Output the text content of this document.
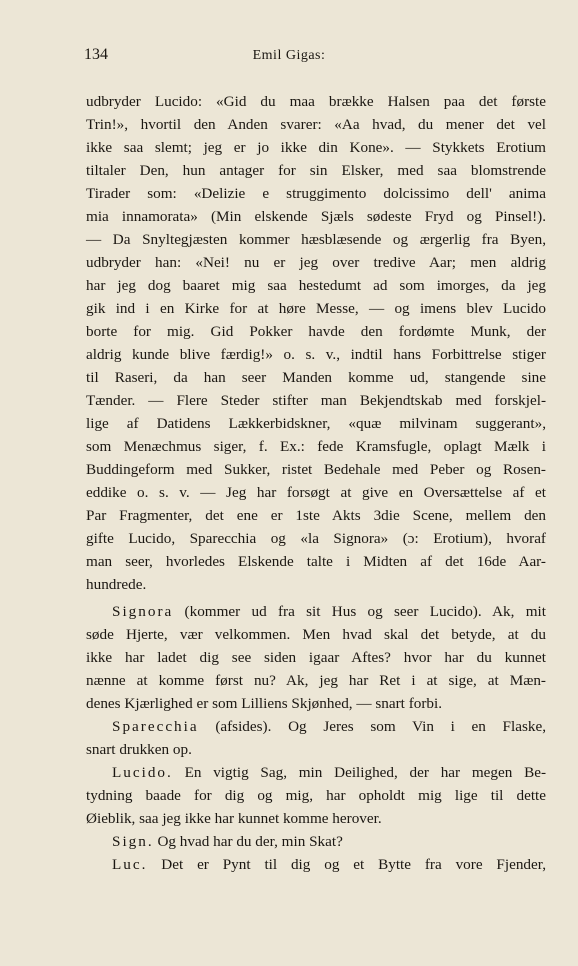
134	Emil Gigas:
udbryder Lucido: «Gid du maa brække Halsen paa det første
Trin!», hvortil den Anden svarer: «Aa hvad, du mener det vel
ikke saa slemt; jeg er jo ikke din Kone». — Stykkets Erotium
tiltaler Den, hun antager for sin Elsker, med saa blomstrende
Tirader som: «Delizie e struggimento dolcissimo dell' anima
mia innamorata» (Min elskende Sjæls sødeste Fryd og Pinsel!).
— Da Snyltegjæsten kommer hæsblæsende og ærgerlig fra Byen,
udbryder han: «Nei! nu er jeg over tredive Aar; men aldrig
har jeg dog baaret mig saa hestedumt ad som imorges, da jeg
gik ind i en Kirke for at høre Messe, — og imens blev Lucido
borte for mig. Gid Pokker havde den fordømte Munk, der
aldrig kunde blive færdig!» o. s. v., indtil hans Forbittrelse stiger
til Raseri, da han seer Manden komme ud, stangende sine
Tænder. — Flere Steder stifter man Bekjendtskab med forskjel-
lige af Datidens Lækkerbidskner, «quæ milvinam suggerant»,
som Menæchmus siger, f. Ex.: fede Kramsfugle, oplagt Mælk i
Buddingeform med Sukker, ristet Bedehale med Peber og Rosen-
eddike o. s. v. — Jeg har forsøgt at give en Oversættelse af et
Par Fragmenter, det ene er 1ste Akts 3die Scene, mellem den
gifte Lucido, Sparecchia og «la Signora» (ɔ: Erotium), hvoraf
man seer, hvorledes Elskende talte i Midten af det 16de Aar-
hundrede.
Signora (kommer ud fra sit Hus og seer Lucido). Ak, mit
søde Hjerte, vær velkommen. Men hvad skal det betyde, at du
ikke har ladet dig see siden igaar Aftes? hvor har du kunnet
nænne at komme først nu? Ak, jeg har Ret i at sige, at Mæn-
denes Kjærlighed er som Lilliens Skjønhed, — snart forbi.
Sparecchia (afsides). Og Jeres som Vin i en Flaske,
snart drukken op.
Lucido. En vigtig Sag, min Deilighed, der har megen Be-
tydning baade for dig og mig, har opholdt mig lige til dette
Øieblik, saa jeg ikke har kunnet komme herover.
Sign. Og hvad har du der, min Skat?
Luc. Det er Pynt til dig og et Bytte fra vore Fjender,
